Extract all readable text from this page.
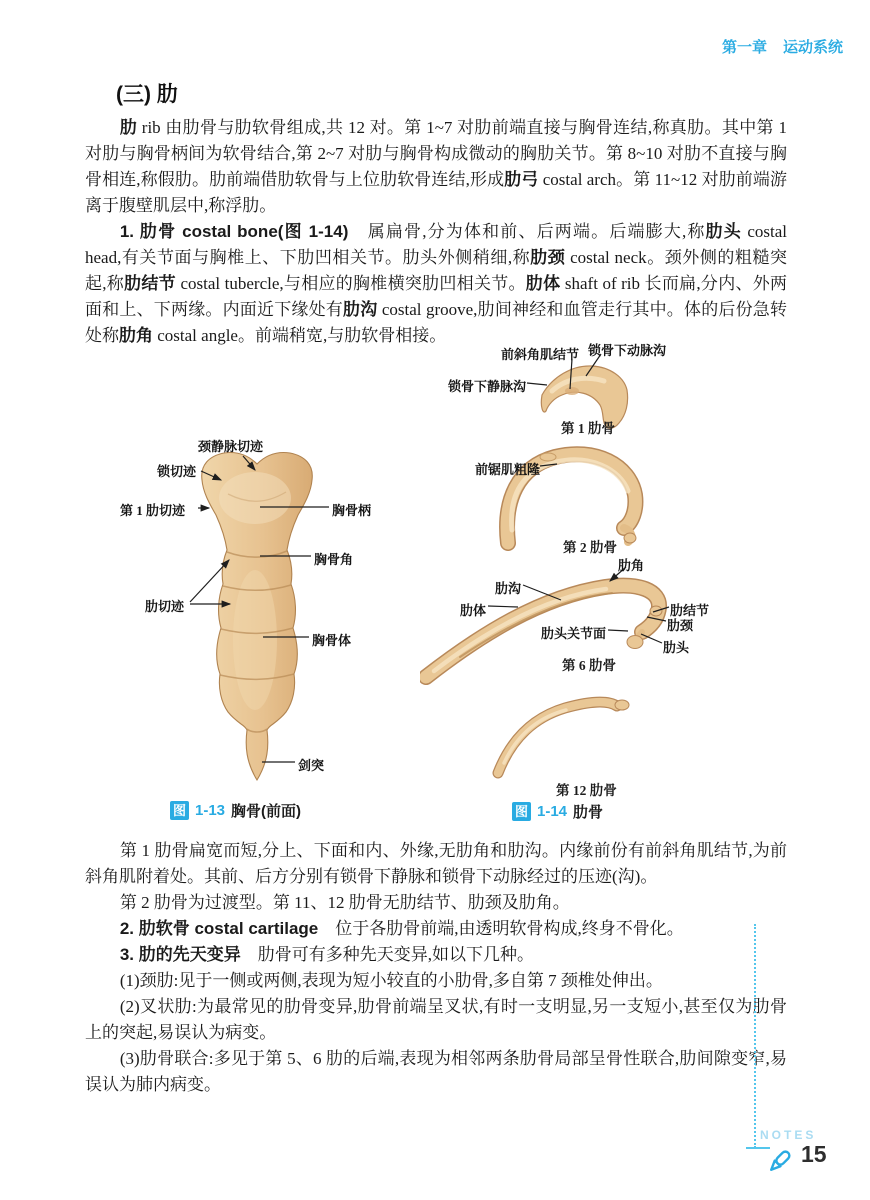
第一章 运动系统
(三) 肋

肋 rib 由肋骨与肋软骨组成,共 12 对。第 1~7 对肋前端直接与胸骨连结,称真肋。其中第 1 对肋与胸骨柄间为软骨结合,第 2~7 对肋与胸骨构成微动的胸肋关节。第 8~10 对肋不直接与胸骨相连,称假肋。肋前端借肋软骨与上位肋软骨连结,形成肋弓 costal arch。第 11~12 对肋前端游离于腹壁肌层中,称浮肋。

1. 肋骨 costal bone(图 1-14)　属扁骨,分为体和前、后两端。后端膨大,称肋头 costal head,有关节面与胸椎上、下肋凹相关节。肋头外侧稍细,称肋颈 costal neck。颈外侧的粗糙突起,称肋结节 costal tubercle,与相应的胸椎横突肋凹相关节。肋体 shaft of rib 长而扁,分内、外两面和上、下两缘。内面近下缘处有肋沟 costal groove,肋间神经和血管走行其中。体的后份急转处称肋角 costal angle。前端稍宽,与肋软骨相接。

颈静脉切迹
锁切迹
第 1 肋切迹	胸骨柄
胸骨角
肋切迹
胸骨体
剑突
图 1-13 胸骨(前面)
前斜角肌结节 锁骨下动脉沟
锁骨下静脉沟
第 1 肋骨
前锯肌粗隆
第 2 肋骨
肋角
肋沟
肋体	肋结节
肋颈
肋头关节面
肋头
第 6 肋骨
第 12 肋骨
图 1-14 肋骨

第 1 肋骨扁宽而短,分上、下面和内、外缘,无肋角和肋沟。内缘前份有前斜角肌结节,为前斜角肌附着处。其前、后方分别有锁骨下静脉和锁骨下动脉经过的压迹(沟)。

第 2 肋骨为过渡型。第 11、12 肋骨无肋结节、肋颈及肋角。

2. 肋软骨 costal cartilage　位于各肋骨前端,由透明软骨构成,终身不骨化。

3. 肋的先天变异　肋骨可有多种先天变异,如以下几种。

(1)颈肋:见于一侧或两侧,表现为短小较直的小肋骨,多自第 7 颈椎处伸出。

(2)叉状肋:为最常见的肋骨变异,肋骨前端呈叉状,有时一支明显,另一支短小,甚至仅为肋骨上的突起,易误认为病变。

(3)肋骨联合:多见于第 5、6 肋的后端,表现为相邻两条肋骨局部呈骨性联合,肋间隙变窄,易误认为肺内病变。

NOTES
15
